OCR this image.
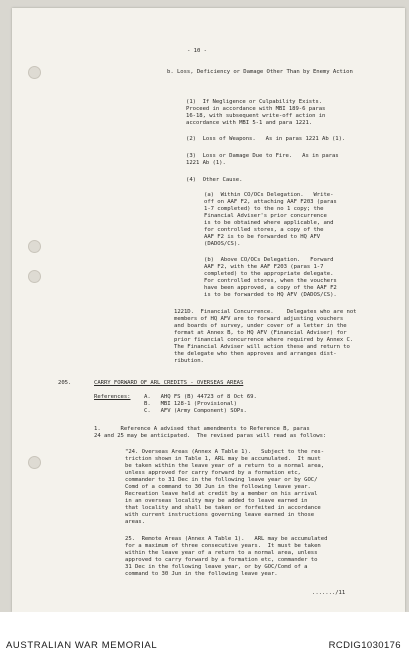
- 10 -
b. Loss, Deficiency or Damage Other Than by Enemy Action
(1)  If Negligence or Culpability Exists.
Proceed in accordance with MBI 189-6 paras
16-18, with subsequent write-off action in
accordance with MBI 5-1 and para 1221.
(2)  Loss of Weapons.   As in paras 1221 Ab (1).
(3)  Loss or Damage Due to Fire.   As in paras
1221 Ab (1).
(4)  Other Cause.
(a)  Within CO/OCs Delegation.   Write-
off on AAF F2, attaching AAF F203 (paras
1-7 completed) to the no 1 copy; the
Financial Adviser's prior concurrence
is to be obtained where applicable, and
for controlled stores, a copy of the
AAF F2 is to be forwarded to HQ AFV
(DADOS/CS).
(b)  Above CO/OCs Delegation.   Forward
AAF F2, with the AAF F203 (paras 1-7
completed) to the appropriate delegate.
For controlled stores, when the vouchers
have been approved, a copy of the AAF F2
is to be forwarded to HQ AFV (DADOS/CS).
1221D.  Financial Concurrence.    Delegates who are not
members of HQ AFV are to forward adjusting vouchers
and boards of survey, under cover of a letter in the
format at Annex B, to HQ AFV (Financial Adviser) for
prior financial concurrence where required by Annex C.
The Financial Adviser will action these and return to
the delegate who then approves and arranges dist-
ribution.
205.	CARRY FORWARD OF ARL CREDITS - OVERSEAS AREAS
References: A.   AHQ FS (B) 44723 of 8 Oct 69.
B.   MBI 128-1 (Provisional)
C.   AFV (Army Component) SOPs.
1.      Reference A advised that amendments to Reference B, paras
24 and 25 may be anticipated.  The revised paras will read as follows:
"24. Overseas Areas (Annex A Table 1).   Subject to the res-
triction shown in Table 1, ARL may be accumulated.  It must
be taken within the leave year of a return to a normal area,
unless approved for carry forward by a formation etc,
commander to 31 Dec in the following leave year or by GOC/
Comd of a command to 30 Jun in the following leave year.
Recreation leave held at credit by a member on his arrival
in an overseas locality may be added to leave earned in
that locality and shall be taken or forfeited in accordance
with current instructions governing leave earned in those
areas.
25.  Remote Areas (Annex A Table 1).   ARL may be accumulated
for a maximum of three consecutive years.  It must be taken
within the leave year of a return to a normal area, unless
approved to carry forward by a formation etc, commander to
31 Dec in the following leave year, or by GOC/Comd of a
command to 30 Jun in the following leave year.
......./11
AUSTRALIAN WAR MEMORIAL	RCDIG1030176
